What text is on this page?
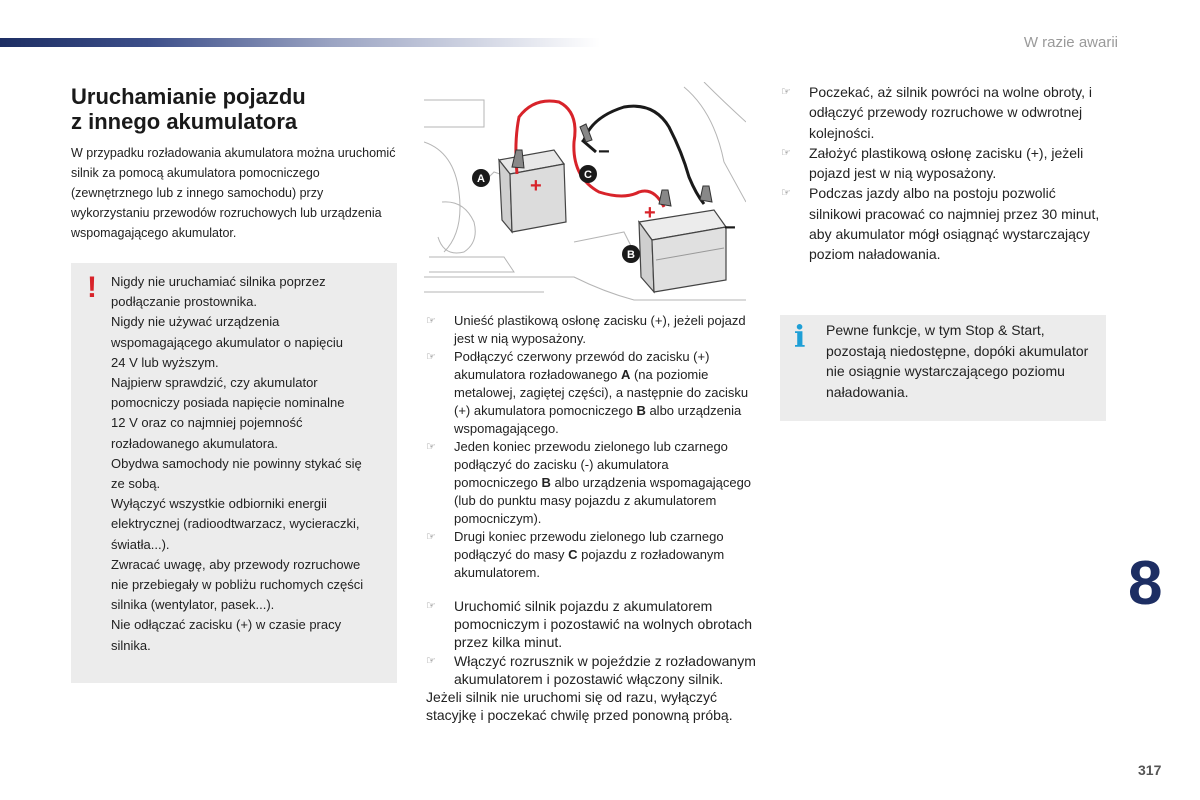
W razie awarii
Uruchamianie pojazdu
z innego akumulatora

W przypadku rozładowania akumulatora można uruchomić silnik za pomocą akumulatora pomocniczego (zewnętrznego lub z innego samochodu) przy wykorzystaniu przewodów rozruchowych lub urządzenia wspomagającego akumulator.

! Nigdy nie uruchamiać silnika poprzez
podłączanie prostownika.
Nigdy nie używać urządzenia
wspomagającego akumulator o napięciu
24 V lub wyższym.
Najpierw sprawdzić, czy akumulator
pomocniczy posiada napięcie nominalne
12 V oraz co najmniej pojemność
rozładowanego akumulatora.
Obydwa samochody nie powinny stykać się
ze sobą.
Wyłączyć wszystkie odbiorniki energii
elektrycznej (radioodtwarzacz, wycieraczki,
światła...).
Zwracać uwagę, aby przewody rozruchowe
nie przebiegały w pobliżu ruchomych części
silnika (wentylator, pasek...).
Nie odłączać zacisku (+) w czasie pracy
silnika.
+
+
−
−
A
B
C
☞ Unieść plastikową osłonę zacisku (+), jeżeli pojazd jest w nią wyposażony.
☞ Podłączyć czerwony przewód do zacisku (+) akumulatora rozładowanego A (na poziomie metalowej, zagiętej części), a następnie do zacisku (+) akumulatora pomocniczego B albo urządzenia wspomagającego.
☞ Jeden koniec przewodu zielonego lub czarnego podłączyć do zacisku (-) akumulatora pomocniczego B albo urządzenia wspomagającego (lub do punktu masy pojazdu z akumulatorem pomocniczym).
☞ Drugi koniec przewodu zielonego lub czarnego podłączyć do masy C pojazdu z rozładowanym akumulatorem.
☞ Uruchomić silnik pojazdu z akumulatorem pomocniczym i pozostawić na wolnych obrotach przez kilka minut.
☞ Włączyć rozrusznik w pojeździe z rozładowanym akumulatorem i pozostawić włączony silnik.
Jeżeli silnik nie uruchomi się od razu, wyłączyć stacyjkę i poczekać chwilę przed ponowną próbą.
☞ Poczekać, aż silnik powróci na wolne obroty, i odłączyć przewody rozruchowe w odwrotnej kolejności.
☞ Założyć plastikową osłonę zacisku (+), jeżeli pojazd jest w nią wyposażony.
☞ Podczas jazdy albo na postoju pozwolić silnikowi pracować co najmniej przez 30 minut, aby akumulator mógł osiągnąć wystarczający poziom naładowania.
i Pewne funkcje, w tym Stop & Start, pozostają niedostępne, dopóki akumulator nie osiągnie wystarczającego poziomu naładowania.
8
317
